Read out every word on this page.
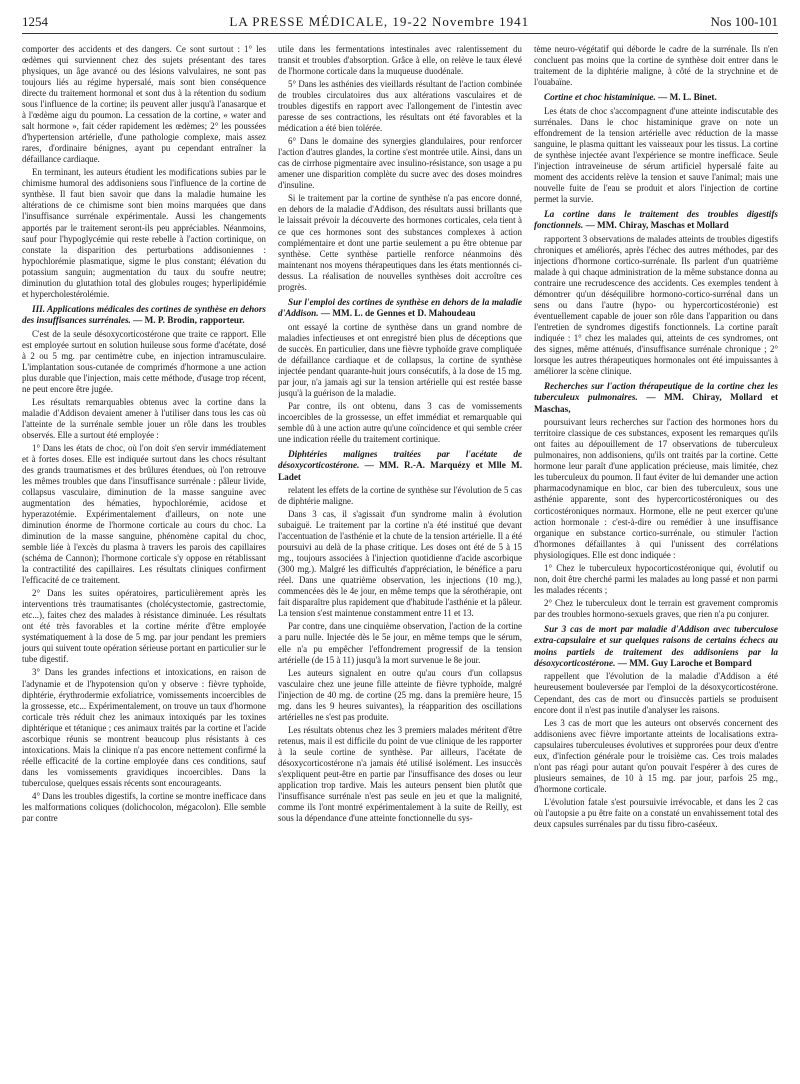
1254	LA PRESSE MÉDICALE, 19-22 Novembre 1941	Nos 100-101

comporter des accidents et des dangers. Ce sont surtout : 1° les œdèmes qui surviennent chez des sujets présentant des tares physiques, un âge avancé ou des lésions valvulaires, ne sont pas toujours liés au régime hypersalé, mais sont bien conséquence directe du traitement hormonal et sont dus à la rétention du sodium sous l'influence de la cortine; ils peuvent aller jusqu'à l'anasarque et à l'œdème aigu du poumon. La cessation de la cortine, « water and salt hormone », fait céder rapidement les œdèmes; 2° les poussées d'hypertension artérielle, d'une pathologie complexe, mais assez rares, d'ordinaire bénignes, ayant pu cependant entraîner la défaillance cardiaque.

En terminant, les auteurs étudient les modifications subies par le chimisme humoral des addisoniens sous l'influence de la cortine de synthèse. Il faut bien savoir que dans la maladie humaine les altérations de ce chimisme sont bien moins marquées que dans l'insuffisance surrénale expérimentale. Aussi les changements apportés par le traitement seront-ils peu appréciables. Néanmoins, sauf pour l'hypoglycémie qui reste rebelle à l'action cortinique, on constate la disparition des perturbations addisoniennes : hypochlorémie plasmatique, sigme le plus constant; élévation du potassium sanguin; augmentation du taux du soufre neutre; diminution du glutathion total des globules rouges; hyperlipidémie et hypercholestérolémie.

III. Applications médicales des cortines de synthèse en dehors des insuffisances surrénales. — M. P. Brodin, rapporteur.

C'est de la seule désoxycorticostérone que traite ce rapport. Elle est employée surtout en solution huileuse sous forme d'acétate, dosé à 2 ou 5 mg. par centimètre cube, en injection intramusculaire. L'implantation sous-cutanée de comprimés d'hormone a une action plus durable que l'injection, mais cette méthode, d'usage trop récent, ne peut encore être jugée.

Les résultats remarquables obtenus avec la cortine dans la maladie d'Addison devaient amener à l'utiliser dans tous les cas où l'atteinte de la surrénale semble jouer un rôle dans les troubles observés. Elle a surtout été employée :

1° Dans les états de choc, où l'on doit s'en servir immédiatement et à fortes doses. Elle est indiquée surtout dans les chocs résultant des grands traumatismes et des brûlures étendues, où l'on retrouve les mêmes troubles que dans l'insuffisance surrénale : pâleur livide, collapsus vasculaire, diminution de la masse sanguine avec augmentation des hématies, hypochlorémie, acidose et hyperazotémie. Expérimentalement d'ailleurs, on note une diminution énorme de l'hormone corticale au cours du choc. La diminution de la masse sanguine, phénomène capital du choc, semble liée à l'excès du plasma à travers les parois des capillaires (schéma de Cannon); l'hormone corticale s'y oppose en rétablissant la contractilité des capillaires. Les résultats cliniques confirment l'efficacité de ce traitement.

2° Dans les suites opératoires, particulièrement après les interventions très traumatisantes (cholécystectomie, gastrectomie, etc...), faites chez des malades à résistance diminuée. Les résultats ont été très favorables et la cortine mérite d'être employée systématiquement à la dose de 5 mg. par jour pendant les premiers jours qui suivent toute opération sérieuse portant en particulier sur le tube digestif.

3° Dans les grandes infections et intoxications, en raison de l'adynamie et de l'hypotension qu'on y observe : fièvre typhoïde, diphtérie, érythrodermie exfoliatrice, vomissements incoercibles de la grossesse, etc... Expérimentalement, on trouve un taux d'hormone corticale très réduit chez les animaux intoxiqués par les toxines diphtérique et tétanique ; ces animaux traités par la cortine et l'acide ascorbique réunis se montrent beaucoup plus résistants à ces intoxications. Mais la clinique n'a pas encore nettement confirmé la réelle efficacité de la cortine employée dans ces conditions, sauf dans les vomissements gravidiques incoercibles. Dans la tuberculose, quelques essais récents sont encourageants.

4° Dans les troubles digestifs, la cortine se montre inefficace dans les malformations coliques (dolichocolon, mégacolon). Elle semble par contre

utile dans les fermentations intestinales avec ralentissement du transit et troubles d'absorption. Grâce à elle, on relève le taux élevé de l'hormone corticale dans la muqueuse duodénale.

5° Dans les asthénies des vieillards résultant de l'action combinée de troubles circulatoires dus aux altérations vasculaires et de troubles digestifs en rapport avec l'allongement de l'intestin avec paresse de ses contractions, les résultats ont été favorables et la médication a été bien tolérée.

6° Dans le domaine des synergies glandulaires, pour renforcer l'action d'autres glandes, la cortine s'est montrée utile. Ainsi, dans un cas de cirrhose pigmentaire avec insulino-résistance, son usage a pu amener une disparition complète du sucre avec des doses moindres d'insuline.

Si le traitement par la cortine de synthèse n'a pas encore donné, en dehors de la maladie d'Addison, des résultats aussi brillants que le laissait prévoir la découverte des hormones corticales, cela tient à ce que ces hormones sont des substances complexes à action complémentaire et dont une partie seulement a pu être obtenue par synthèse. Cette synthèse partielle renforce néanmoins dès maintenant nos moyens thérapeutiques dans les états mentionnés ci-dessus. La réalisation de nouvelles synthèses doit accroître ces progrès.

Sur l'emploi des cortines de synthèse en dehors de la maladie d'Addison. — MM. L. de Gennes et D. Mahoudeau

ont essayé la cortine de synthèse dans un grand nombre de maladies infectieuses et ont enregistré bien plus de déceptions que de succès. En particulier, dans une fièvre typhoïde grave compliquée de défaillance cardiaque et de collapsus, la cortine de synthèse injectée pendant quarante-huit jours consécutifs, à la dose de 15 mg. par jour, n'a jamais agi sur la tension artérielle qui est restée basse jusqu'à la guérison de la maladie.

Par contre, ils ont obtenu, dans 3 cas de vomissements incoercibles de la grossesse, un effet immédiat et remarquable qui semble dû à une action autre qu'une coïncidence et qui semble créer une indication réelle du traitement cortinique.

Diphtéries malignes traitées par l'acétate de désoxycorticostérone. — MM. R.-A. Marquézy et Mlle M. Ladet

relatent les effets de la cortine de synthèse sur l'évolution de 5 cas de diphtérie maligne.

Dans 3 cas, il s'agissait d'un syndrome malin à évolution subaiguë. Le traitement par la cortine n'a été institué que devant l'accentuation de l'asthénie et la chute de la tension artérielle. Il a été poursuivi au delà de la phase critique. Les doses ont été de 5 à 15 mg., toujours associées à l'injection quotidienne d'acide ascorbique (300 mg.). Malgré les difficultés d'appréciation, le bénéfice a paru réel. Dans une quatrième observation, les injections (10 mg.), commencées dès le 4e jour, en même temps que la sérothérapie, ont fait disparaître plus rapidement que d'habitude l'asthénie et la pâleur. La tension s'est maintenue constamment entre 11 et 13.

Par contre, dans une cinquième observation, l'action de la cortine a paru nulle. Injectée dès le 5e jour, en même temps que le sérum, elle n'a pu empêcher l'effondrement progressif de la tension artérielle (de 15 à 11) jusqu'à la mort survenue le 8e jour.

Les auteurs signalent en outre qu'au cours d'un collapsus vasculaire chez une jeune fille atteinte de fièvre typhoïde, malgré l'injection de 40 mg. de cortine (25 mg. dans la première heure, 15 mg. dans les 9 heures suivantes), la réapparition des oscillations artérielles ne s'est pas produite.

Les résultats obtenus chez les 3 premiers malades méritent d'être retenus, mais il est difficile du point de vue clinique de les rapporter à la seule cortine de synthèse. Par ailleurs, l'acétate de désoxycorticostérone n'a jamais été utilisé isolément. Les insuccès s'expliquent peut-être en partie par l'insuffisance des doses ou leur application trop tardive. Mais les auteurs pensent bien plutôt que l'insuffisance surrénale n'est pas seule en jeu et que la malignité, comme ils l'ont montré expérimentalement à la suite de Reilly, est sous la dépendance d'une atteinte fonctionnelle du sys-

tème neuro-végétatif qui déborde le cadre de la surrénale. Ils n'en concluent pas moins que la cortine de synthèse doit entrer dans le traitement de la diphtérie maligne, à côté de la strychnine et de l'ouabaïne.

Cortine et choc histaminique. — M. L. Binet.

Les états de choc s'accompagnent d'une atteinte indiscutable des surrénales. Dans le choc histaminique grave on note un effondrement de la tension artérielle avec réduction de la masse sanguine, le plasma quittant les vaisseaux pour les tissus. La cortine de synthèse injectée avant l'expérience se montre inefficace. Seule l'injection intraveineuse de sérum artificiel hypersalé faite au moment des accidents relève la tension et sauve l'animal; mais une nouvelle fuite de l'eau se produit et alors l'injection de cortine permet la survie.

La cortine dans le traitement des troubles digestifs fonctionnels. — MM. Chiray, Maschas et Mollard

rapportent 3 observations de malades atteints de troubles digestifs chroniques et améliorés, après l'échec des autres méthodes, par des injections d'hormone cortico-surrénale. Ils parlent d'un quatrième malade à qui chaque administration de la même substance donna au contraire une recrudescence des accidents. Ces exemples tendent à démontrer qu'un déséquilibre hormono-cortico-surrénal dans un sens ou dans l'autre (hypo- ou hypercorticostéronie) est éventuellement capable de jouer son rôle dans l'apparition ou dans l'entretien de syndromes digestifs fonctionnels. La cortine paraît indiquée : 1° chez les malades qui, atteints de ces syndromes, ont des signes, même atténués, d'insuffisance surrénale chronique ; 2° lorsque les autres thérapeutiques hormonales ont été impuissantes à améliorer la scène clinique.

Recherches sur l'action thérapeutique de la cortine chez les tuberculeux pulmonaires. — MM. Chiray, Mollard et Maschas,

poursuivant leurs recherches sur l'action des hormones hors du territoire classique de ces substances, exposent les remarques qu'ils ont faites au dépouillement de 17 observations de tuberculeux pulmonaires, non addisoniens, qu'ils ont traités par la cortine. Cette hormone leur paraît d'une application précieuse, mais limitée, chez les tuberculeux du poumon. Il faut éviter de lui demander une action pharmacodynamique en bloc, car bien des tuberculeux, sous une asthénie apparente, sont des hypercorticostéroniques ou des corticostéroniques normaux. Hormone, elle ne peut exercer qu'une action hormonale : c'est-à-dire ou remédier à une insuffisance organique en substance cortico-surrénale, ou stimuler l'action d'hormones défaillantes à qui l'unissent des corrélations physiologiques. Elle est donc indiquée :

1° Chez le tuberculeux hypocorticostéronique qui, évolutif ou non, doit être cherché parmi les malades au long passé et non parmi les malades récents ;

2° Chez le tuberculeux dont le terrain est gravement compromis par des troubles hormono-sexuels graves, que rien n'a pu conjurer.

Sur 3 cas de mort par maladie d'Addison avec tuberculose extra-capsulaire et sur quelques raisons de certains échecs au moins partiels de traitement des addisoniens par la désoxycorticostérone. — MM. Guy Laroche et Bompard

rappellent que l'évolution de la maladie d'Addison a été heureusement bouleversée par l'emploi de la désoxycorticostérone. Cependant, des cas de mort ou d'insuccès partiels se produisent encore dont il n'est pas inutile d'analyser les raisons.

Les 3 cas de mort que les auteurs ont observés concernent des addisoniens avec fièvre importante atteints de localisations extra-capsulaires tuberculeuses évolutives et supprorées pour deux d'entre eux, d'infection générale pour le troisième cas. Ces trois malades n'ont pas réagi pour autant qu'on pouvait l'espérer à des cures de plusieurs semaines, de 10 à 15 mg. par jour, parfois 25 mg., d'hormone corticale.

L'évolution fatale s'est poursuivie irrévocable, et dans les 2 cas où l'autopsie a pu être faite on a constaté un envahissement total des deux capsules surrénales par du tissu fibro-caséeux.
